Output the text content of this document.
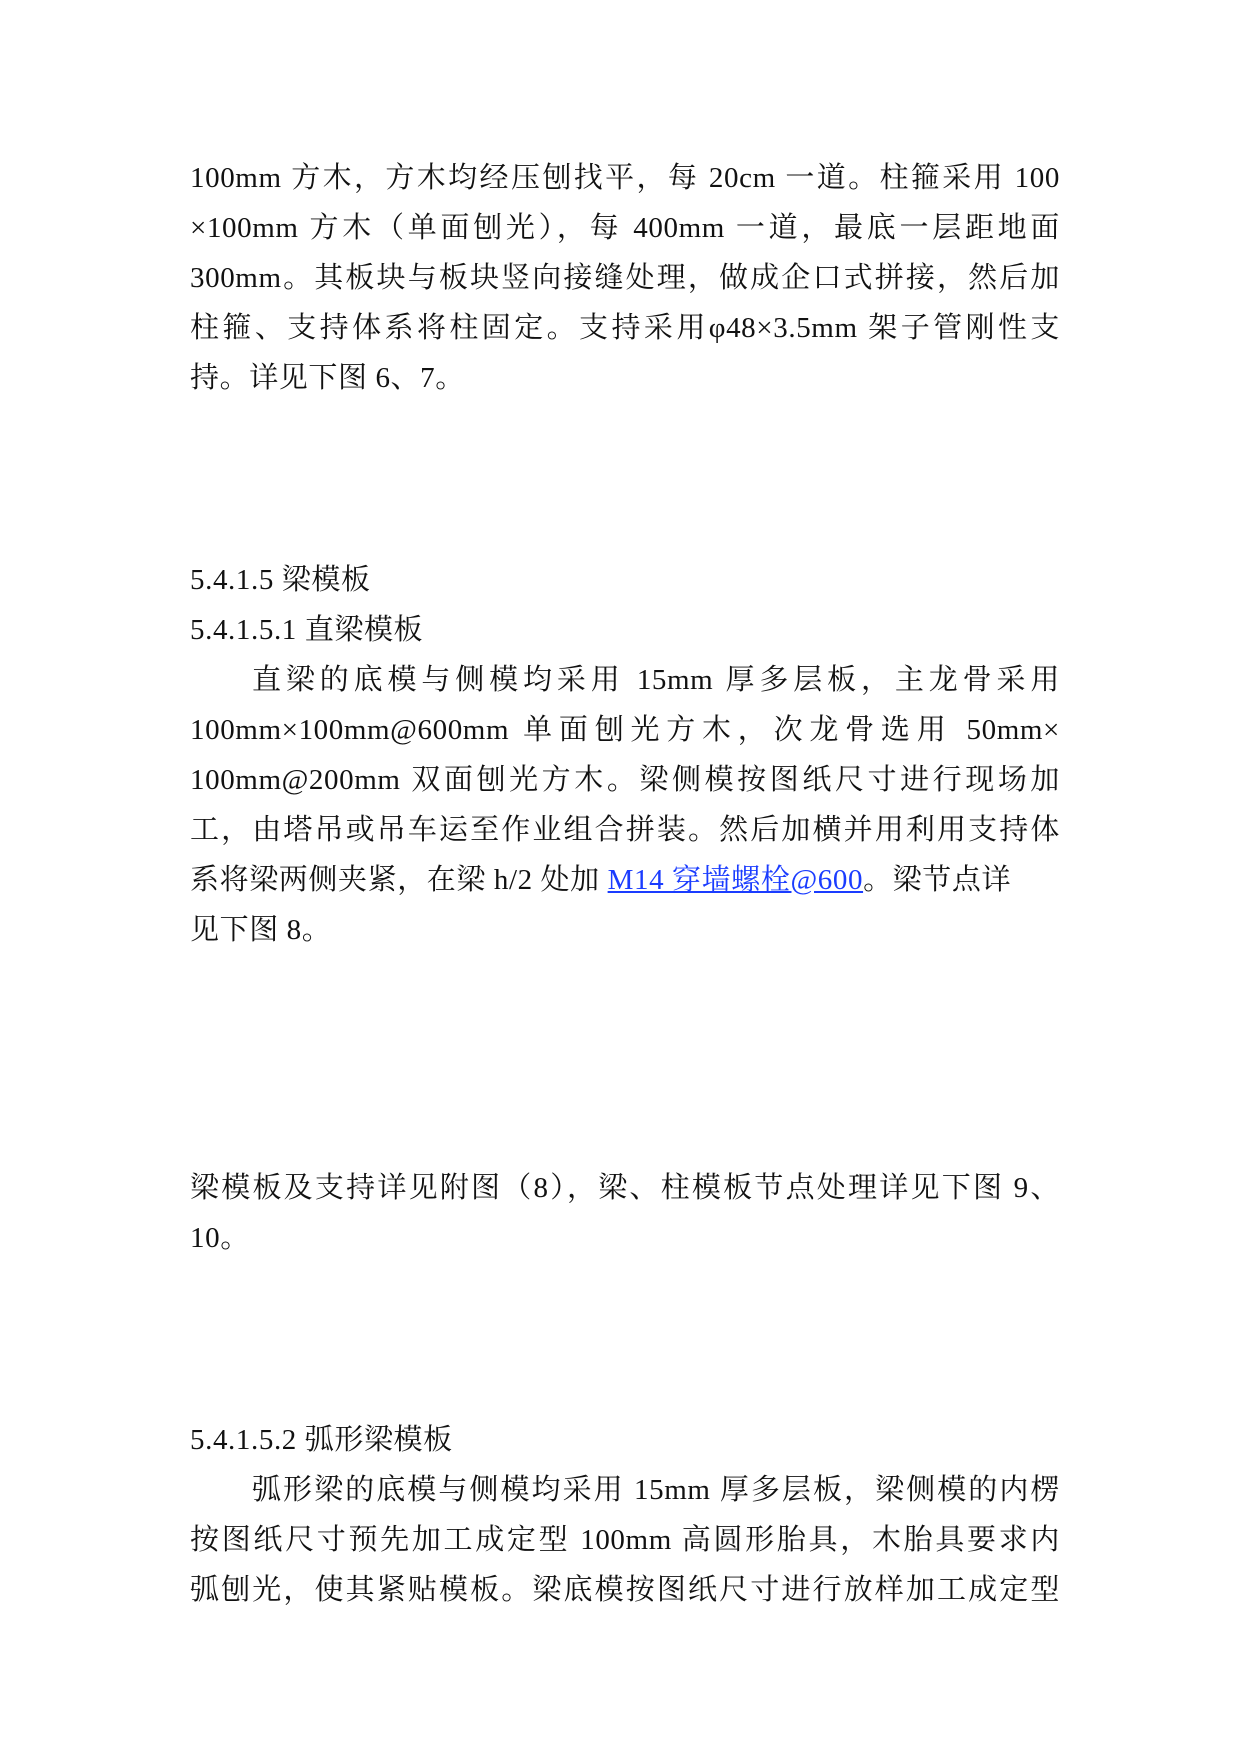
100mm 方木，方木均经压刨找平，每 20cm 一道。柱箍采用 100
×100mm 方木（单面刨光），每 400mm 一道，最底一层距地面
300mm。其板块与板块竖向接缝处理，做成企口式拼接，然后加
柱箍、支持体系将柱固定。支持采用φ48×3.5mm 架子管刚性支
持。详见下图 6、7。
5.4.1.5 梁模板
5.4.1.5.1 直梁模板
直梁的底模与侧模均采用 15mm 厚多层板，主龙骨采用
100mm×100mm@600mm 单面刨光方木，次龙骨选用 50mm×
100mm@200mm 双面刨光方木。梁侧模按图纸尺寸进行现场加
工，由塔吊或吊车运至作业组合拼装。然后加横并用利用支持体
系将梁两侧夹紧，在梁 h/2 处加 M14 穿墙螺栓@600。梁节点详
见下图 8。
梁模板及支持详见附图（8），梁、柱模板节点处理详见下图 9、
10。
5.4.1.5.2 弧形梁模板
弧形梁的底模与侧模均采用 15mm 厚多层板，梁侧模的内楞
按图纸尺寸预先加工成定型 100mm 高圆形胎具，木胎具要求内
弧刨光，使其紧贴模板。梁底模按图纸尺寸进行放样加工成定型
